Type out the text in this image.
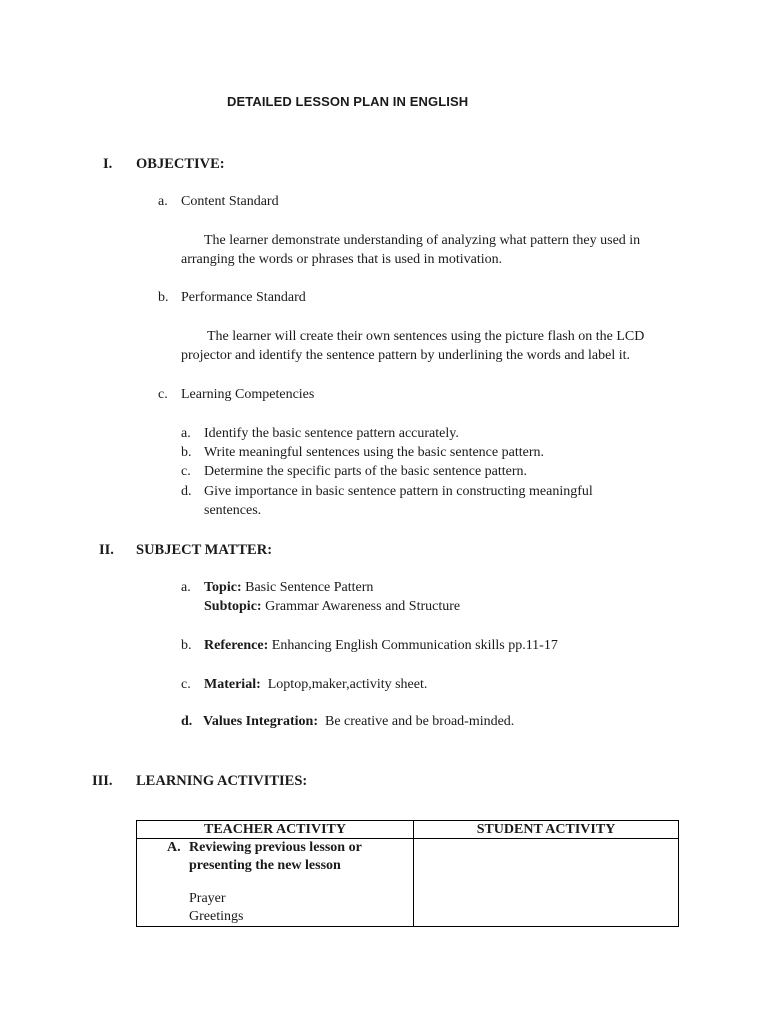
DETAILED LESSON PLAN IN ENGLISH
I. OBJECTIVE:
a. Content Standard
The learner demonstrate understanding of analyzing what pattern they used in
arranging the words or phrases that is used in motivation.
b. Performance Standard
The learner will create their own sentences using the picture flash on the LCD
projector and identify the sentence pattern by underlining the words and label it.
c. Learning Competencies
a. Identify the basic sentence pattern accurately.
b. Write meaningful sentences using the basic sentence pattern.
c. Determine the specific parts of the basic sentence pattern.
d. Give importance in basic sentence pattern in constructing meaningful
sentences.
II. SUBJECT MATTER:
a. Topic: Basic Sentence Pattern
Subtopic: Grammar Awareness and Structure
b. Reference: Enhancing English Communication skills pp.11-17
c. Material: Loptop,maker,activity sheet.
d. Values Integration: Be creative and be broad-minded.
III. LEARNING ACTIVITIES:
TEACHER ACTIVITY	STUDENT ACTIVITY

A. Reviewing previous lesson or
presenting the new lesson
Prayer
Greetings	
